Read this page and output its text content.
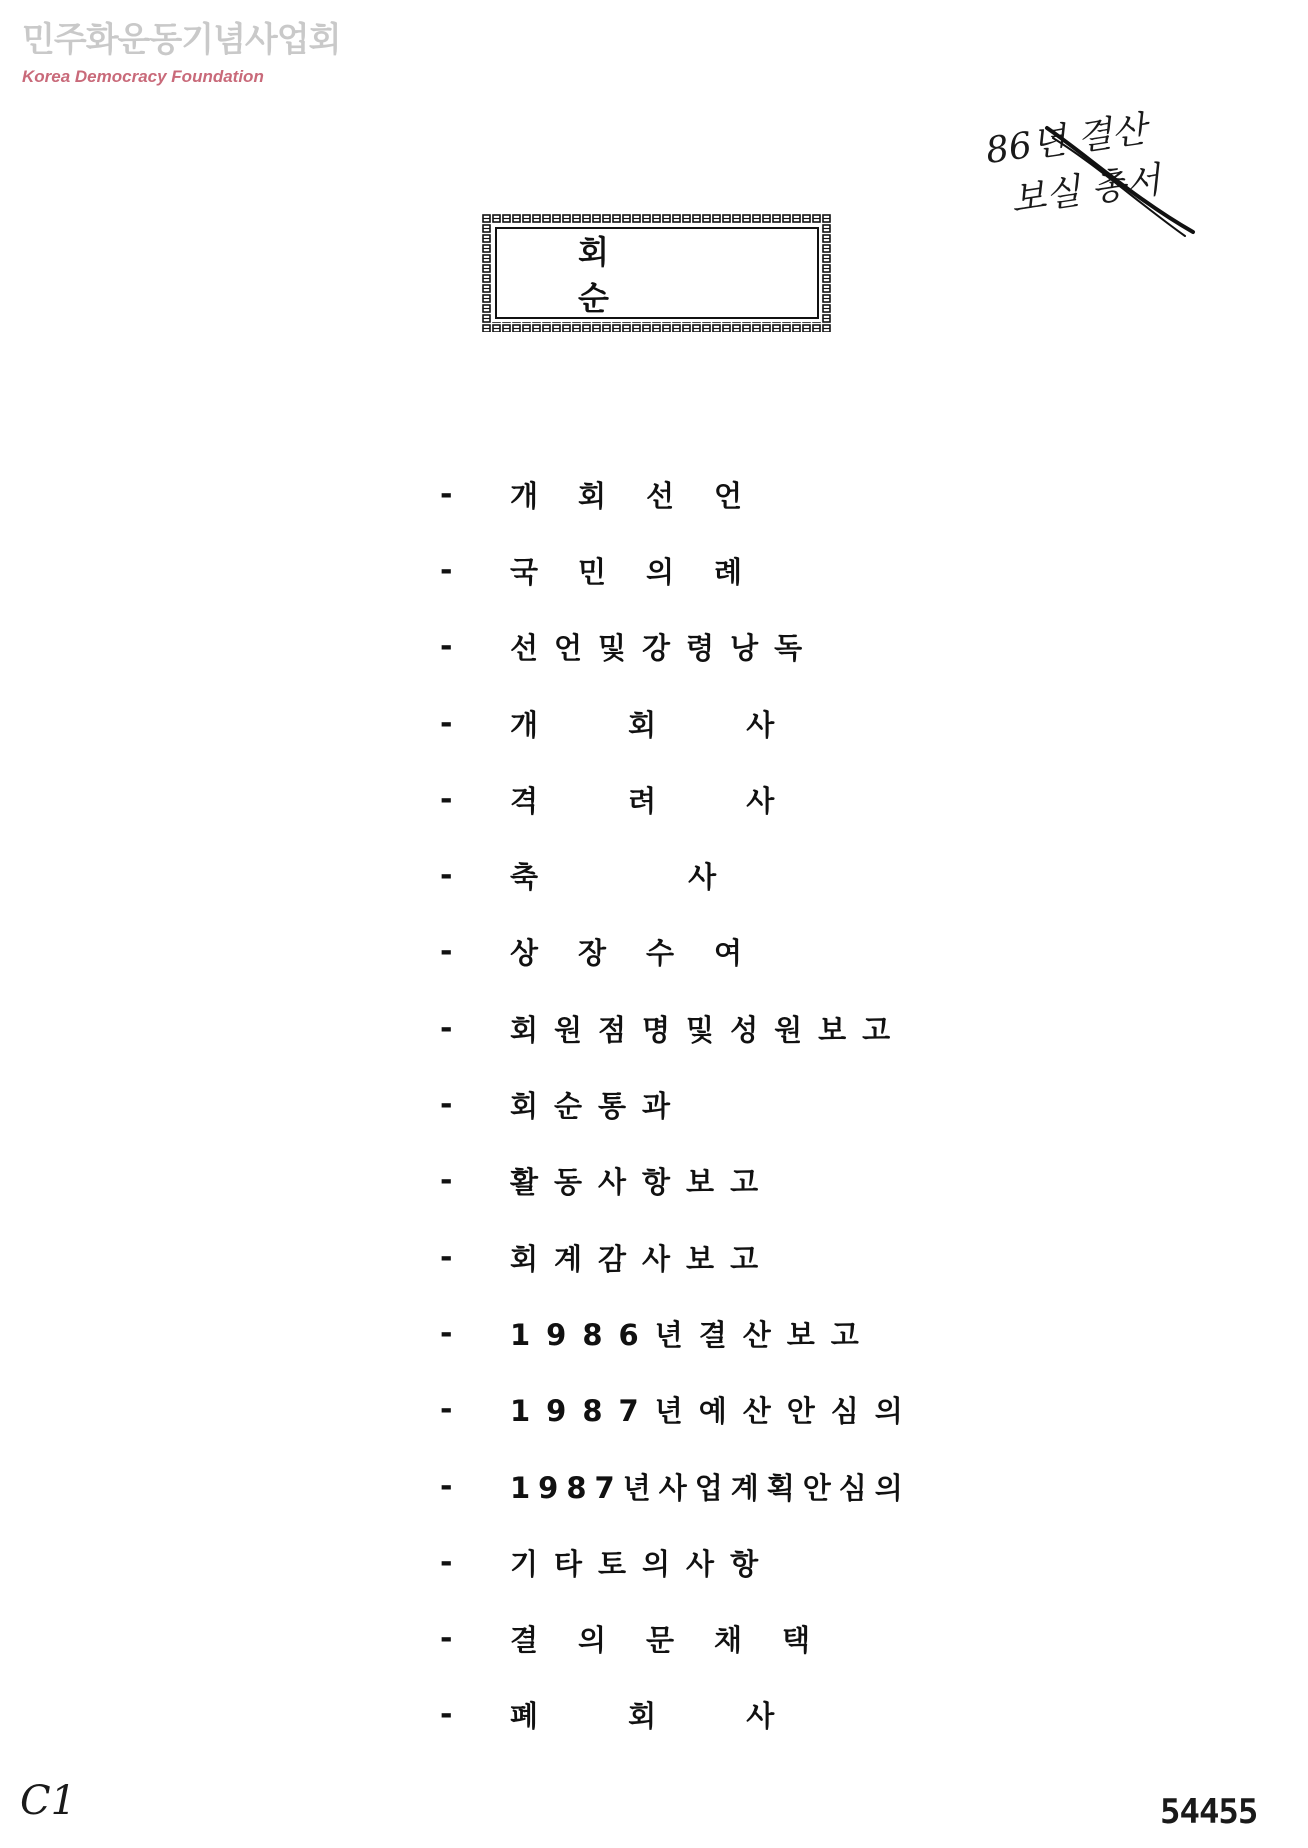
민주화운동기념사업회
Korea Democracy Foundation
86년 결산
보실 총서
회 순
-	개회선언
-	국민의례
-	선언및강령낭독
-	개 회 사
-	격 려 사
-	축 사
-	상장수여
-	회원점명및성원보고
-	회순통과
-	활동사항보고
-	회계감사보고
-	1986년결산보고
-	1987년예산안심의
-	1987년사업계획안심의
-	기타토의사항
-	결의문채택
-	폐 회 사
C1	54455
